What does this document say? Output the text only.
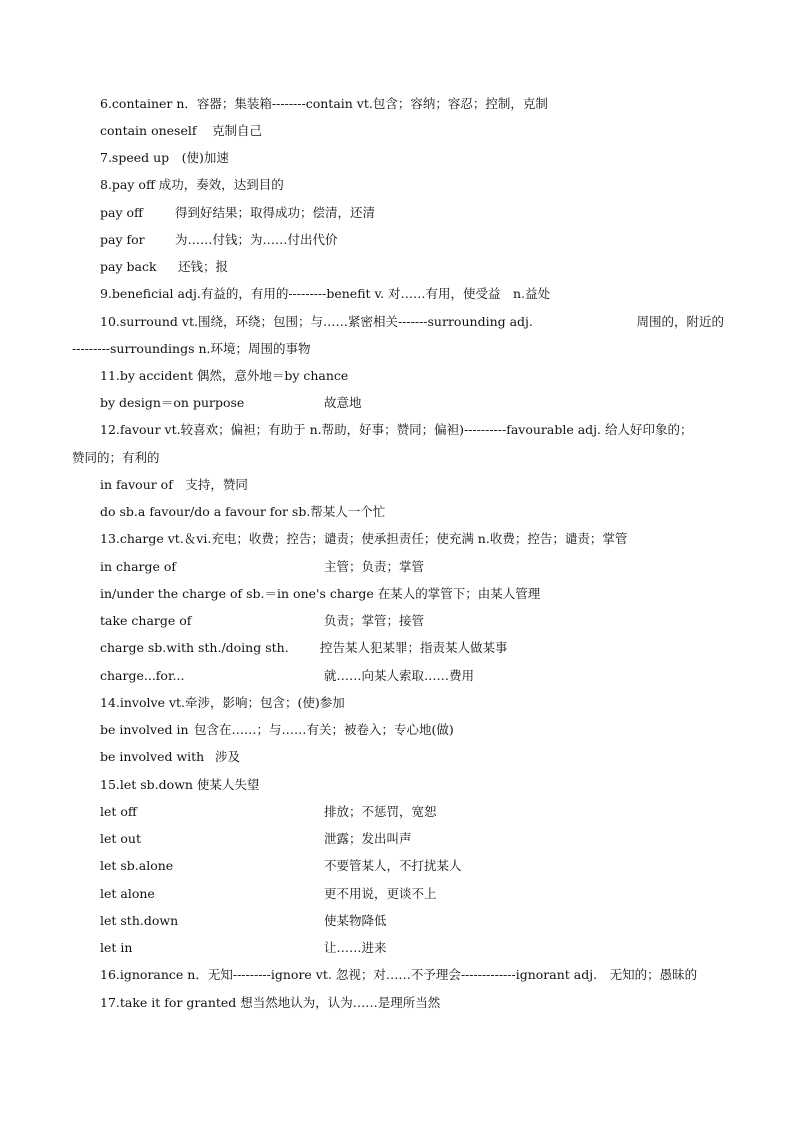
6.container n．容器；集装箱--------contain vt.包含；容纳；容忍；控制，克制
contain oneself 克制自己
7.speed up　(使)加速
8.pay off 成功，奏效，达到目的
pay off	得到好结果；取得成功；偿清，还清
pay for 为……付钱；为……付出代价
pay back 还钱；报
9.beneficial adj.有益的，有用的---------benefit v. 对……有用，使受益　n.益处
10.surround vt.围绕，环绕；包围；与……紧密相关-------surrounding adj.	周围的，附近的
---------surroundings n.环境；周围的事物
11.by accident 偶然，意外地＝by chance
by design＝on purpose	故意地
12.favour vt.较喜欢；偏袒；有助于 n.帮助，好事；赞同；偏袒)----------favourable adj. 给人好印象的；
赞同的；有利的
in favour of　支持，赞同
do sb.a favour/do a favour for sb.帮某人一个忙
13.charge vt.＆vi.充电；收费；控告；谴责；使承担责任；使充满 n.收费；控告；谴责；掌管
in charge of	主管；负责；掌管
in/under the charge of sb.＝in one's charge 在某人的掌管下；由某人管理
take charge of	负责；掌管；接管
charge sb.with sth./doing sth.	控告某人犯某罪；指责某人做某事
charge...for...	就……向某人索取……费用
14.involve vt.牵涉，影响；包含；(使)参加
be involved in 包含在……；与……有关；被卷入；专心地(做)
be involved with 涉及
15.let sb.down 使某人失望
let off	排放；不惩罚，宽恕
let out	泄露；发出叫声
let sb.alone	不要管某人，不打扰某人
let alone	更不用说，更谈不上
let sth.down	使某物降低
let in	让……进来
16.ignorance n．无知---------ignore vt. 忽视；对……不予理会-------------ignorant adj.　无知的；愚昧的
17.take it for granted 想当然地认为，认为……是理所当然
